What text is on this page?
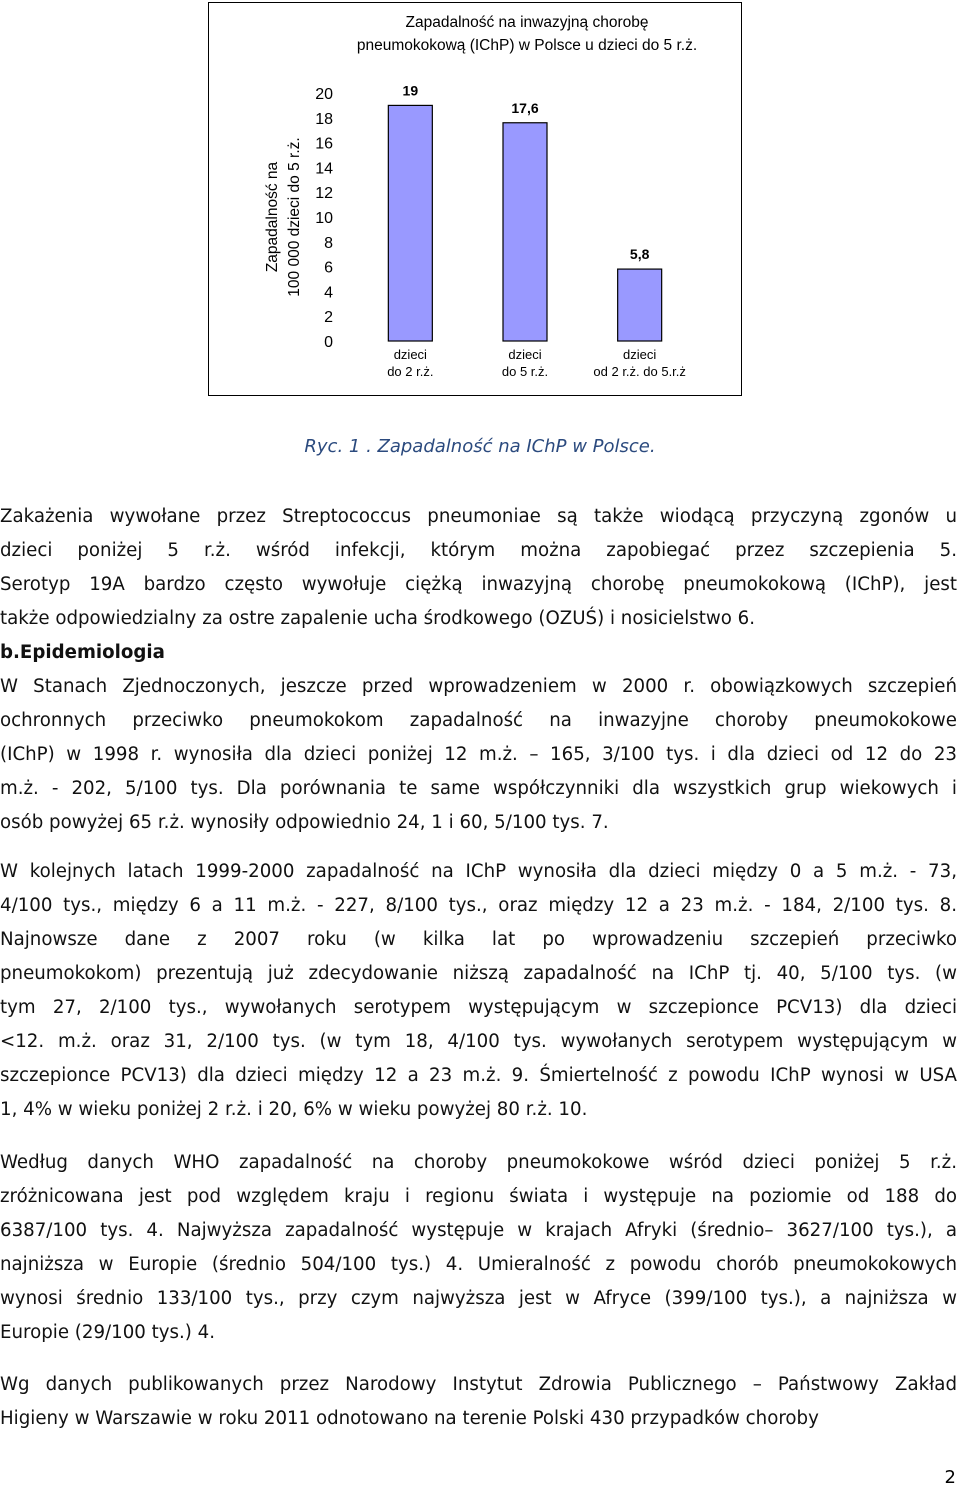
Zapadalność na inwazyjną chorobę
pneumokokową (IChP) w Polsce u dzieci do 5 r.ż.
Zapadalność na 100 000 dzieci do 5 r.ż.
0
2
4
6
8
10
12
14
16
18
20	19
dzieci
do 2 r.ż.
17,6
dzieci
do 5 r.ż.
5,8
dzieci
od 2 r.ż. do 5.r.ż
Ryc. 1 . Zapadalność na IChP w Polsce.
Zakażenia wywołane przez Streptococcus pneumoniae są także wiodącą przyczyną zgonów u
dzieci poniżej 5 r.ż. wśród infekcji, którym można zapobiegać przez szczepienia 5.
Serotyp 19A bardzo często wywołuje ciężką inwazyjną chorobę pneumokokową (IChP), jest
także odpowiedzialny za ostre zapalenie ucha środkowego (OZUŚ) i nosicielstwo 6.
b.Epidemiologia
W Stanach Zjednoczonych, jeszcze przed wprowadzeniem w 2000 r. obowiązkowych szczepień
ochronnych przeciwko pneumokokom zapadalność na inwazyjne choroby pneumokokowe
(IChP) w 1998 r. wynosiła dla dzieci poniżej 12 m.ż. – 165, 3/100 tys. i dla dzieci od 12 do 23
m.ż. - 202, 5/100 tys. Dla porównania te same współczynniki dla wszystkich grup wiekowych i
osób powyżej 65 r.ż. wynosiły odpowiednio 24, 1 i 60, 5/100 tys. 7.
W kolejnych latach 1999-2000 zapadalność na IChP wynosiła dla dzieci między 0 a 5 m.ż. - 73,
4/100 tys., między 6 a 11 m.ż. - 227, 8/100 tys., oraz między 12 a 23 m.ż. - 184, 2/100 tys. 8.
Najnowsze dane z 2007 roku (w kilka lat po wprowadzeniu szczepień przeciwko
pneumokokom) prezentują już zdecydowanie niższą zapadalność na IChP tj. 40, 5/100 tys. (w
tym 27, 2/100 tys., wywołanych serotypem występującym w szczepionce PCV13) dla dzieci
<12. m.ż. oraz 31, 2/100 tys. (w tym 18, 4/100 tys. wywołanych serotypem występującym w
szczepionce PCV13) dla dzieci między 12 a 23 m.ż. 9. Śmiertelność z powodu IChP wynosi w USA
1, 4% w wieku poniżej 2 r.ż. i 20, 6% w wieku powyżej 80 r.ż. 10.
Według danych WHO zapadalność na choroby pneumokokowe wśród dzieci poniżej 5 r.ż.
zróżnicowana jest pod względem kraju i regionu świata i występuje na poziomie od 188 do
6387/100 tys. 4. Najwyższa zapadalność występuje w krajach Afryki (średnio– 3627/100 tys.), a
najniższa w Europie (średnio 504/100 tys.) 4. Umieralność z powodu chorób pneumokokowych
wynosi średnio 133/100 tys., przy czym najwyższa jest w Afryce (399/100 tys.), a najniższa w
Europie (29/100 tys.) 4.
Wg danych publikowanych przez Narodowy Instytut Zdrowia Publicznego – Państwowy Zakład
Higieny w Warszawie w roku 2011 odnotowano na terenie Polski 430 przypadków choroby
2
